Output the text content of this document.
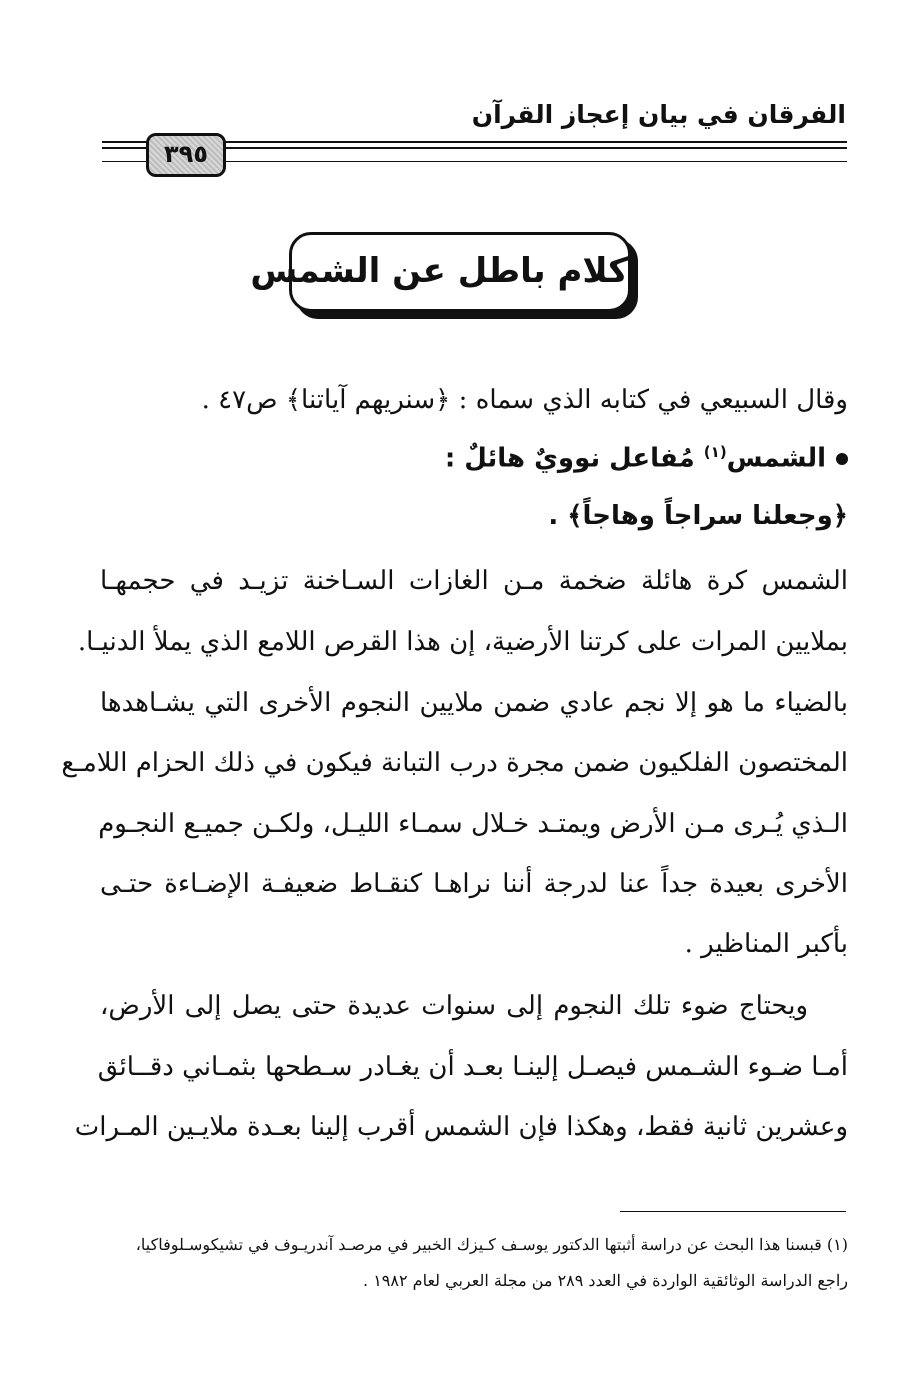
الفرقان في بيان إعجاز القرآن
٣٩٥
كلام باطل عن الشمس
وقال السبيعي في كتابه الذي سماه : ﴿سنريهم آياتنا﴾ ص٤٧ .
الشمس$^{(١)}$ مُفاعل نوويٌ هائلٌ :
﴿وجعلنا سراجاً وهاجاً﴾ .
الشمس كرة هائلة ضخمة مـن الغازات السـاخنة تزيـد في حجمهـا
بملايين المرات على كرتنا الأرضية، إن هذا القرص اللامع الذي يملأ الدنيـا.
بالضياء ما هو إلا نجم عادي ضمن ملايين النجوم الأخرى التي يشـاهدها
المختصون الفلكيون ضمن مجرة درب التبانة فيكون في ذلك الحزام اللامـع
الـذي يُـرى مـن الأرض ويمتـد خـلال سمـاء الليـل، ولكـن جميـع النجـوم
الأخرى بعيدة جداً عنا لدرجة أننا نراهـا كنقـاط ضعيفـة الإضـاءة حتـى
بأكبر المناظير .
ويحتاج ضوء تلك النجوم إلى سنوات عديدة حتى يصل إلى الأرض،
أمـا ضـوء الشـمس فيصـل إلينـا بعـد أن يغـادر سـطحها بثمـاني دقــائق
وعشرين ثانية فقط، وهكذا فإن الشمس أقرب إلينا بعـدة ملايـين المـرات
(١) قبسنا هذا البحث عن دراسة أثبتها الدكتور يوسـف كـيزك الخبير في مرصـد آندريـوف في تشيكوسـلوفاكيا،
راجع الدراسة الوثائقية الواردة في العدد ٢٨٩ من مجلة العربي لعام ١٩٨٢ .
